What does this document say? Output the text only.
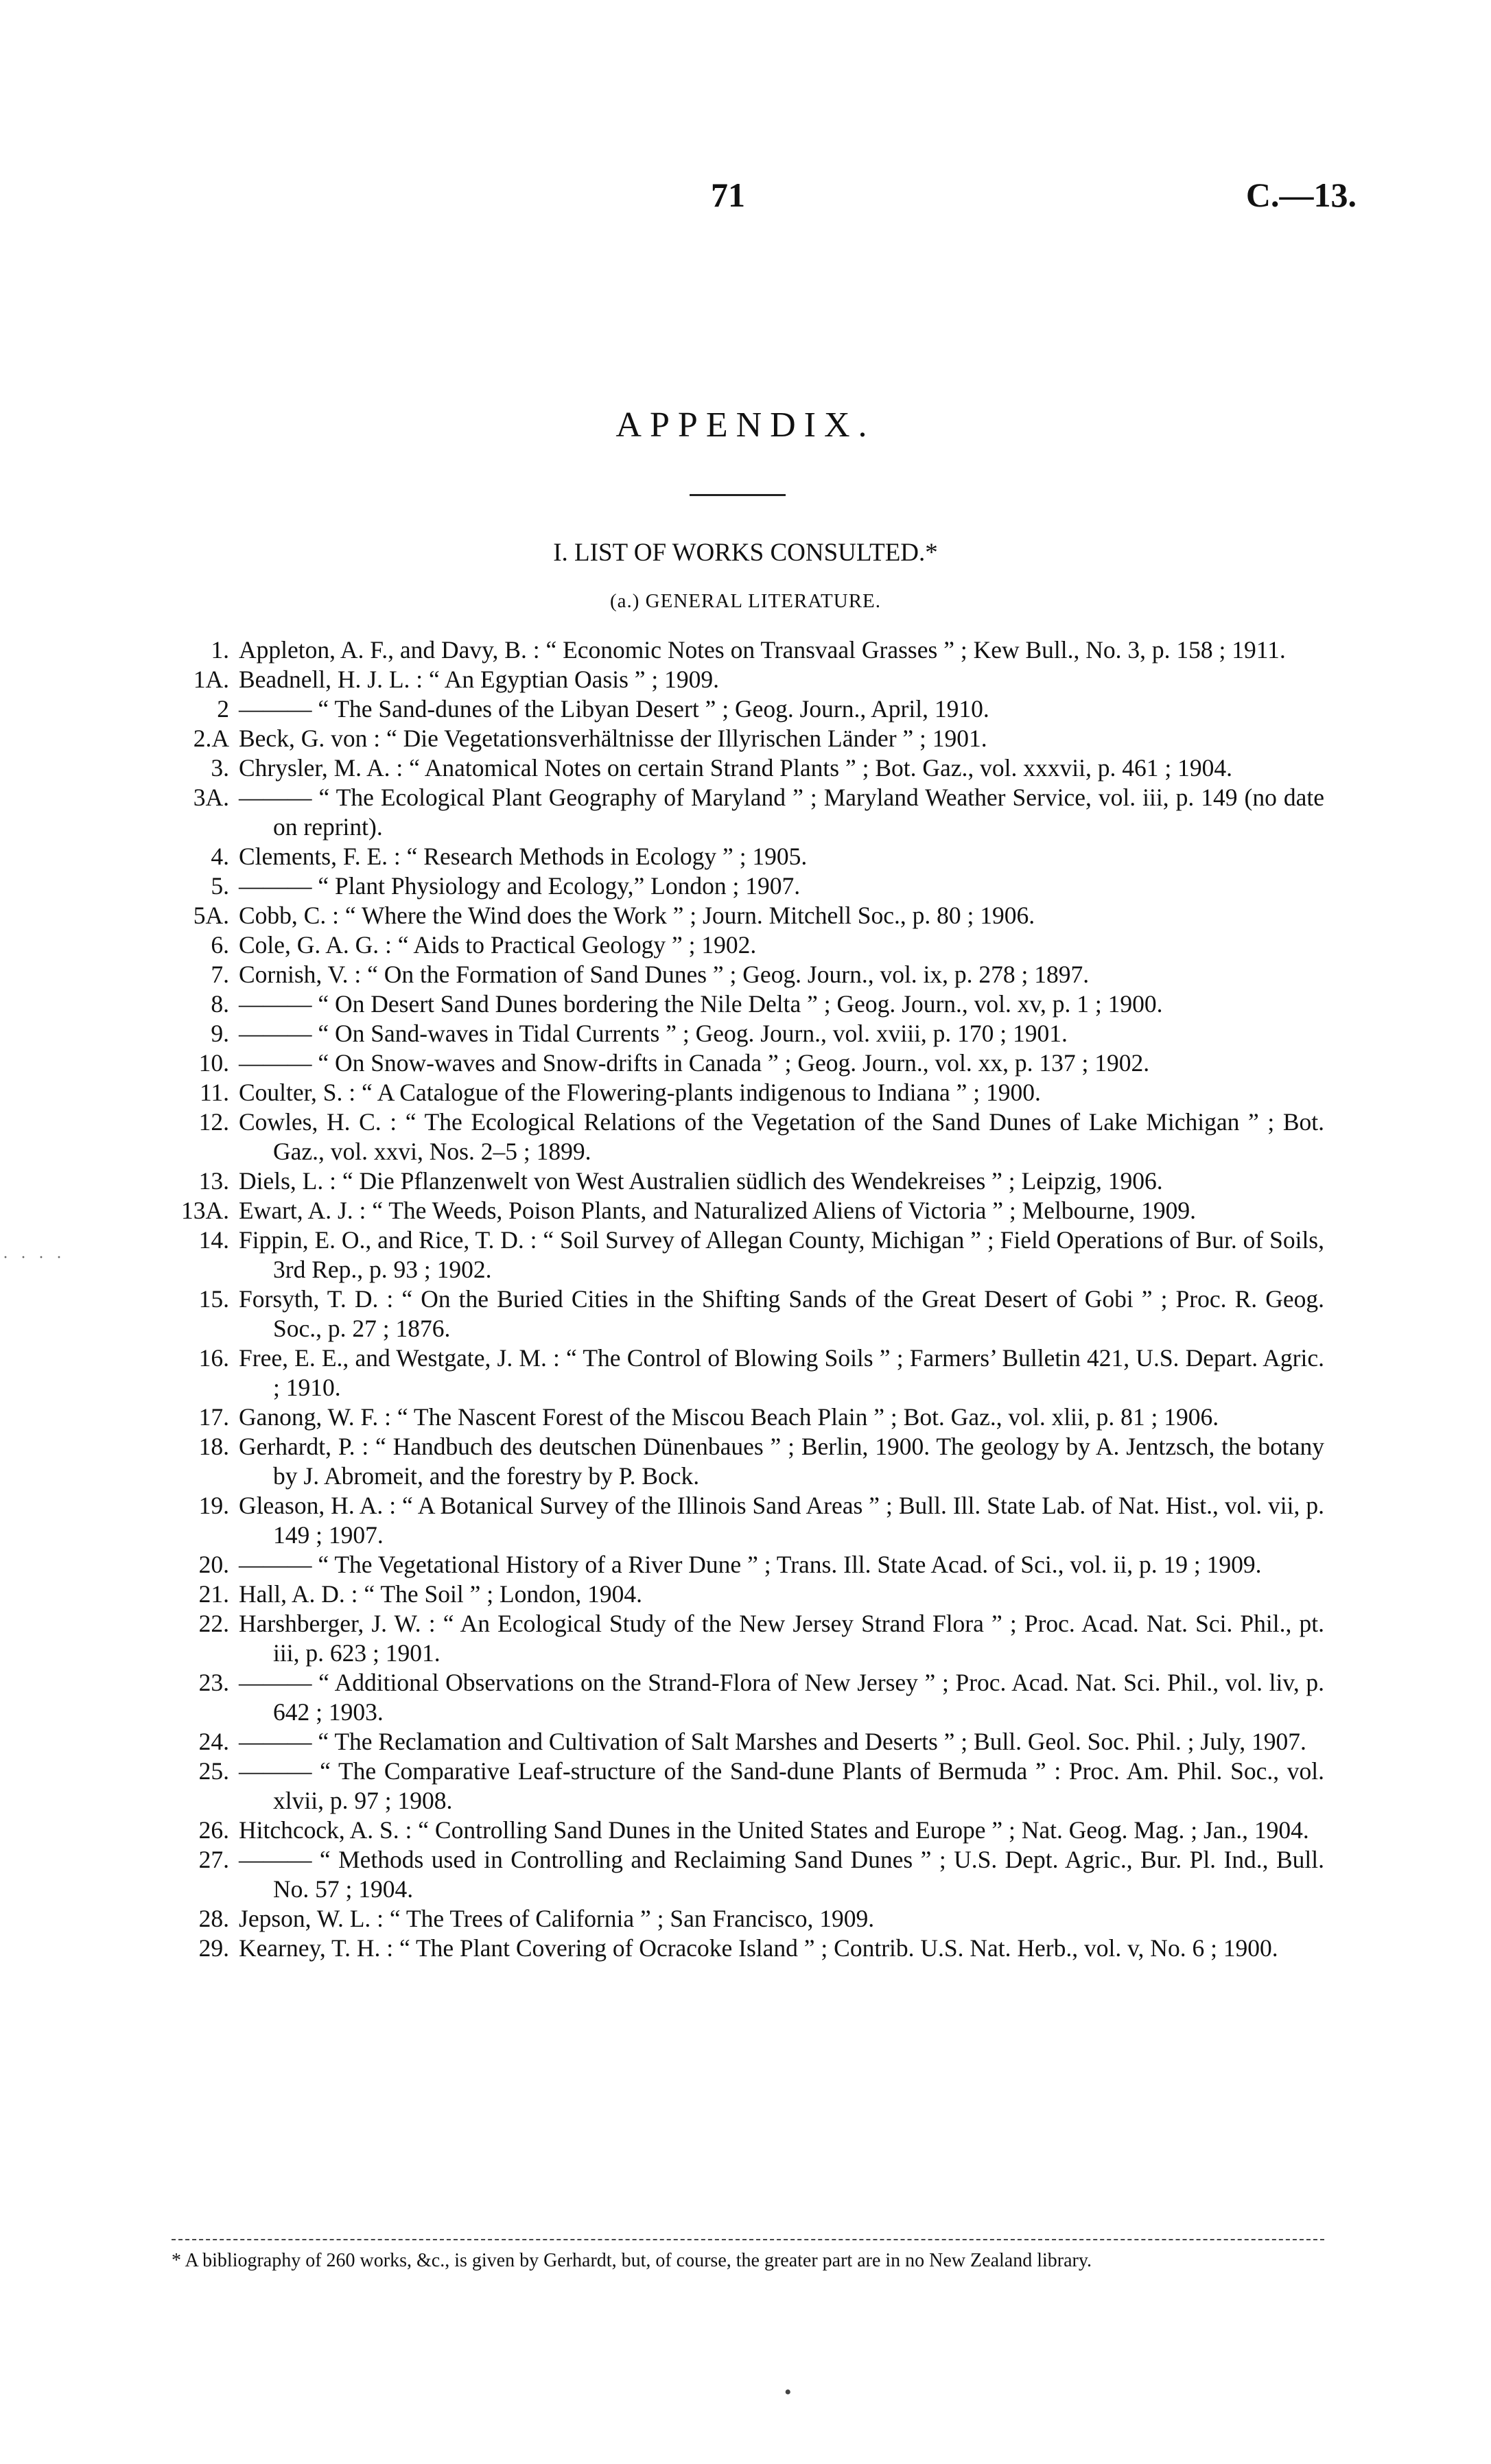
71	C.—13.
APPENDIX.
I. LIST OF WORKS CONSULTED.*
(a.) GENERAL LITERATURE.
1. Appleton, A. F., and Davy, B. : “ Economic Notes on Transvaal Grasses ” ; Kew Bull., No. 3, p. 158 ; 1911.
1A. Beadnell, H. J. L. : “ An Egyptian Oasis ” ; 1909.
2 ——— “ The Sand-dunes of the Libyan Desert ” ; Geog. Journ., April, 1910.
2.A Beck, G. von : “ Die Vegetationsverhältnisse der Illyrischen Länder ” ; 1901.
3. Chrysler, M. A. : “ Anatomical Notes on certain Strand Plants ” ; Bot. Gaz., vol. xxxvii, p. 461 ; 1904.
3A. ——— “ The Ecological Plant Geography of Maryland ” ; Maryland Weather Service, vol. iii, p. 149 (no date on reprint).
4. Clements, F. E. : “ Research Methods in Ecology ” ; 1905.
5. ——— “ Plant Physiology and Ecology,” London ; 1907.
5A. Cobb, C. : “ Where the Wind does the Work ” ; Journ. Mitchell Soc., p. 80 ; 1906.
6. Cole, G. A. G. : “ Aids to Practical Geology ” ; 1902.
7. Cornish, V. : “ On the Formation of Sand Dunes ” ; Geog. Journ., vol. ix, p. 278 ; 1897.
8. ——— “ On Desert Sand Dunes bordering the Nile Delta ” ; Geog. Journ., vol. xv, p. 1 ; 1900.
9. ——— “ On Sand-waves in Tidal Currents ” ; Geog. Journ., vol. xviii, p. 170 ; 1901.
10. ——— “ On Snow-waves and Snow-drifts in Canada ” ; Geog. Journ., vol. xx, p. 137 ; 1902.
11. Coulter, S. : “ A Catalogue of the Flowering-plants indigenous to Indiana ” ; 1900.
12. Cowles, H. C. : “ The Ecological Relations of the Vegetation of the Sand Dunes of Lake Michigan ” ; Bot. Gaz., vol. xxvi, Nos. 2–5 ; 1899.
13. Diels, L. : “ Die Pflanzenwelt von West Australien südlich des Wendekreises ” ; Leipzig, 1906.
13A. Ewart, A. J. : “ The Weeds, Poison Plants, and Naturalized Aliens of Victoria ” ; Melbourne, 1909.
14. Fippin, E. O., and Rice, T. D. : “ Soil Survey of Allegan County, Michigan ” ; Field Operations of Bur. of Soils, 3rd Rep., p. 93 ; 1902.
15. Forsyth, T. D. : “ On the Buried Cities in the Shifting Sands of the Great Desert of Gobi ” ; Proc. R. Geog. Soc., p. 27 ; 1876.
16. Free, E. E., and Westgate, J. M. : “ The Control of Blowing Soils ” ; Farmers’ Bulletin 421, U.S. Depart. Agric. ; 1910.
17. Ganong, W. F. : “ The Nascent Forest of the Miscou Beach Plain ” ; Bot. Gaz., vol. xlii, p. 81 ; 1906.
18. Gerhardt, P. : “ Handbuch des deutschen Dünenbaues ” ; Berlin, 1900. The geology by A. Jentzsch, the botany by J. Abromeit, and the forestry by P. Bock.
19. Gleason, H. A. : “ A Botanical Survey of the Illinois Sand Areas ” ; Bull. Ill. State Lab. of Nat. Hist., vol. vii, p. 149 ; 1907.
20. ——— “ The Vegetational History of a River Dune ” ; Trans. Ill. State Acad. of Sci., vol. ii, p. 19 ; 1909.
21. Hall, A. D. : “ The Soil ” ; London, 1904.
22. Harshberger, J. W. : “ An Ecological Study of the New Jersey Strand Flora ” ; Proc. Acad. Nat. Sci. Phil., pt. iii, p. 623 ; 1901.
23. ——— “ Additional Observations on the Strand-Flora of New Jersey ” ; Proc. Acad. Nat. Sci. Phil., vol. liv, p. 642 ; 1903.
24. ——— “ The Reclamation and Cultivation of Salt Marshes and Deserts ” ; Bull. Geol. Soc. Phil. ; July, 1907.
25. ——— “ The Comparative Leaf-structure of the Sand-dune Plants of Bermuda ” : Proc. Am. Phil. Soc., vol. xlvii, p. 97 ; 1908.
26. Hitchcock, A. S. : “ Controlling Sand Dunes in the United States and Europe ” ; Nat. Geog. Mag. ; Jan., 1904.
27. ——— “ Methods used in Controlling and Reclaiming Sand Dunes ” ; U.S. Dept. Agric., Bur. Pl. Ind., Bull. No. 57 ; 1904.
28. Jepson, W. L. : “ The Trees of California ” ; San Francisco, 1909.
29. Kearney, T. H. : “ The Plant Covering of Ocracoke Island ” ; Contrib. U.S. Nat. Herb., vol. v, No. 6 ; 1900.
* A bibliography of 260 works, &c., is given by Gerhardt, but, of course, the greater part are in no New Zealand library.
· · · ·
•
